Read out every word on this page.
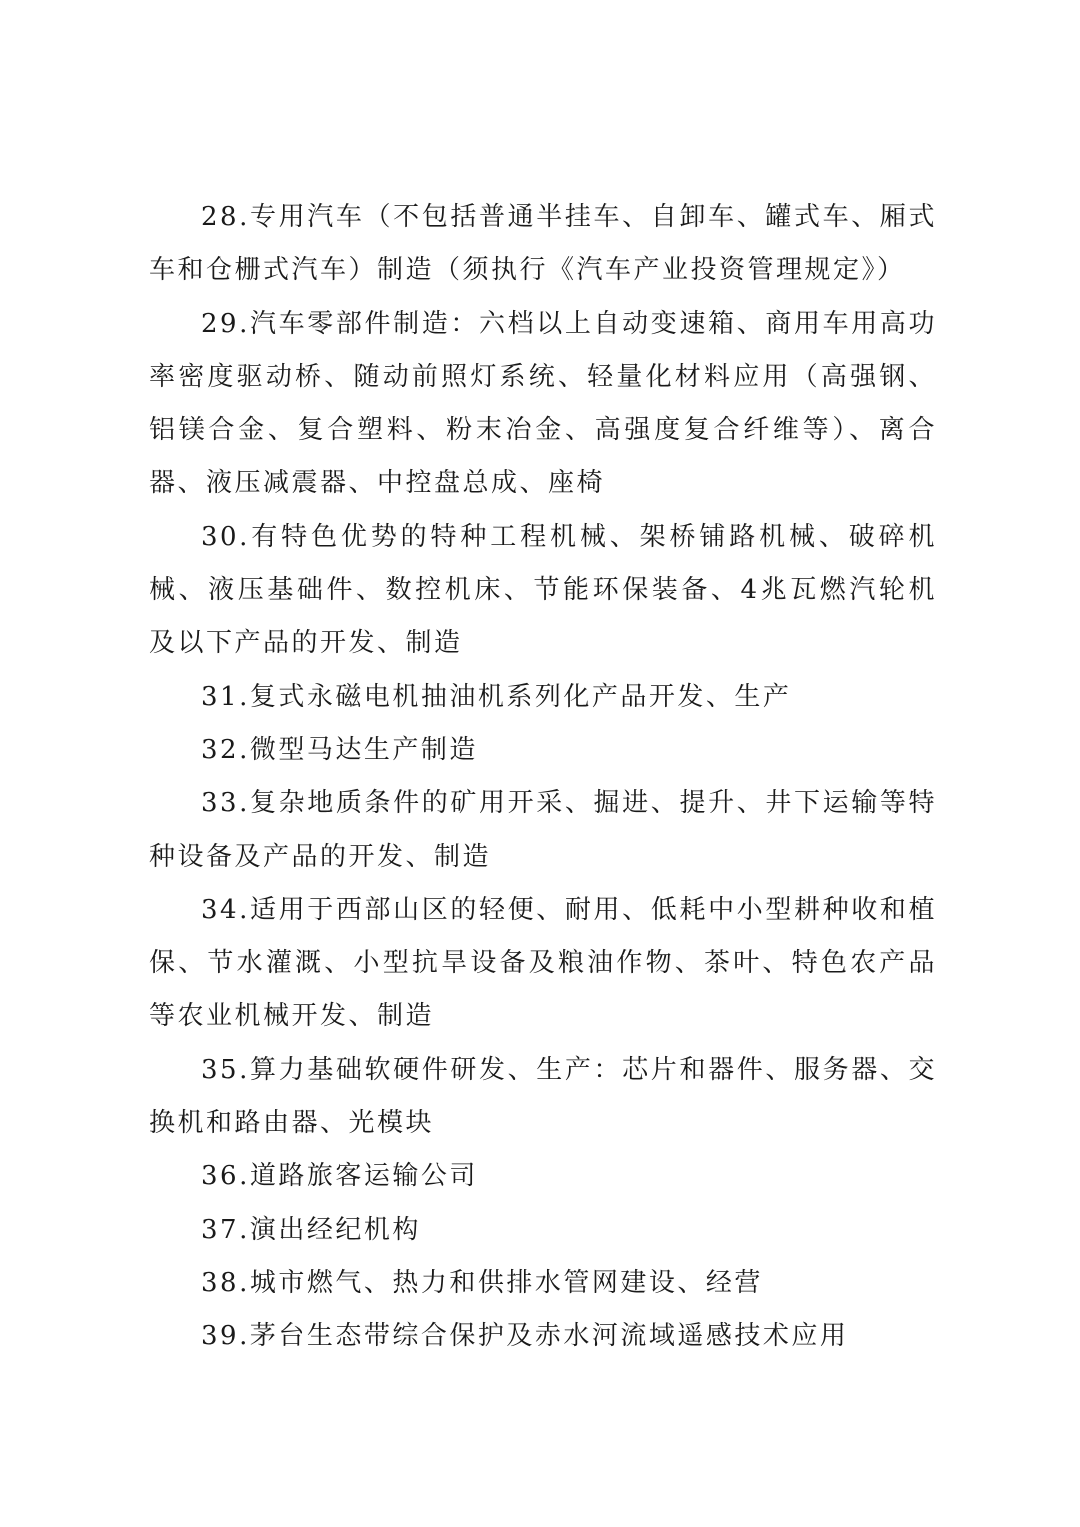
28.专用汽车（不包括普通半挂车、自卸车、罐式车、厢式车和仓栅式汽车）制造（须执行《汽车产业投资管理规定》）

29.汽车零部件制造：六档以上自动变速箱、商用车用高功率密度驱动桥、随动前照灯系统、轻量化材料应用（高强钢、铝镁合金、复合塑料、粉末冶金、高强度复合纤维等）、离合器、液压减震器、中控盘总成、座椅

30.有特色优势的特种工程机械、架桥铺路机械、破碎机械、液压基础件、数控机床、节能环保装备、4兆瓦燃汽轮机及以下产品的开发、制造

31.复式永磁电机抽油机系列化产品开发、生产

32.微型马达生产制造

33.复杂地质条件的矿用开采、掘进、提升、井下运输等特种设备及产品的开发、制造

34.适用于西部山区的轻便、耐用、低耗中小型耕种收和植保、节水灌溉、小型抗旱设备及粮油作物、茶叶、特色农产品等农业机械开发、制造

35.算力基础软硬件研发、生产：芯片和器件、服务器、交换机和路由器、光模块

36.道路旅客运输公司

37.演出经纪机构

38.城市燃气、热力和供排水管网建设、经营

39.茅台生态带综合保护及赤水河流域遥感技术应用
